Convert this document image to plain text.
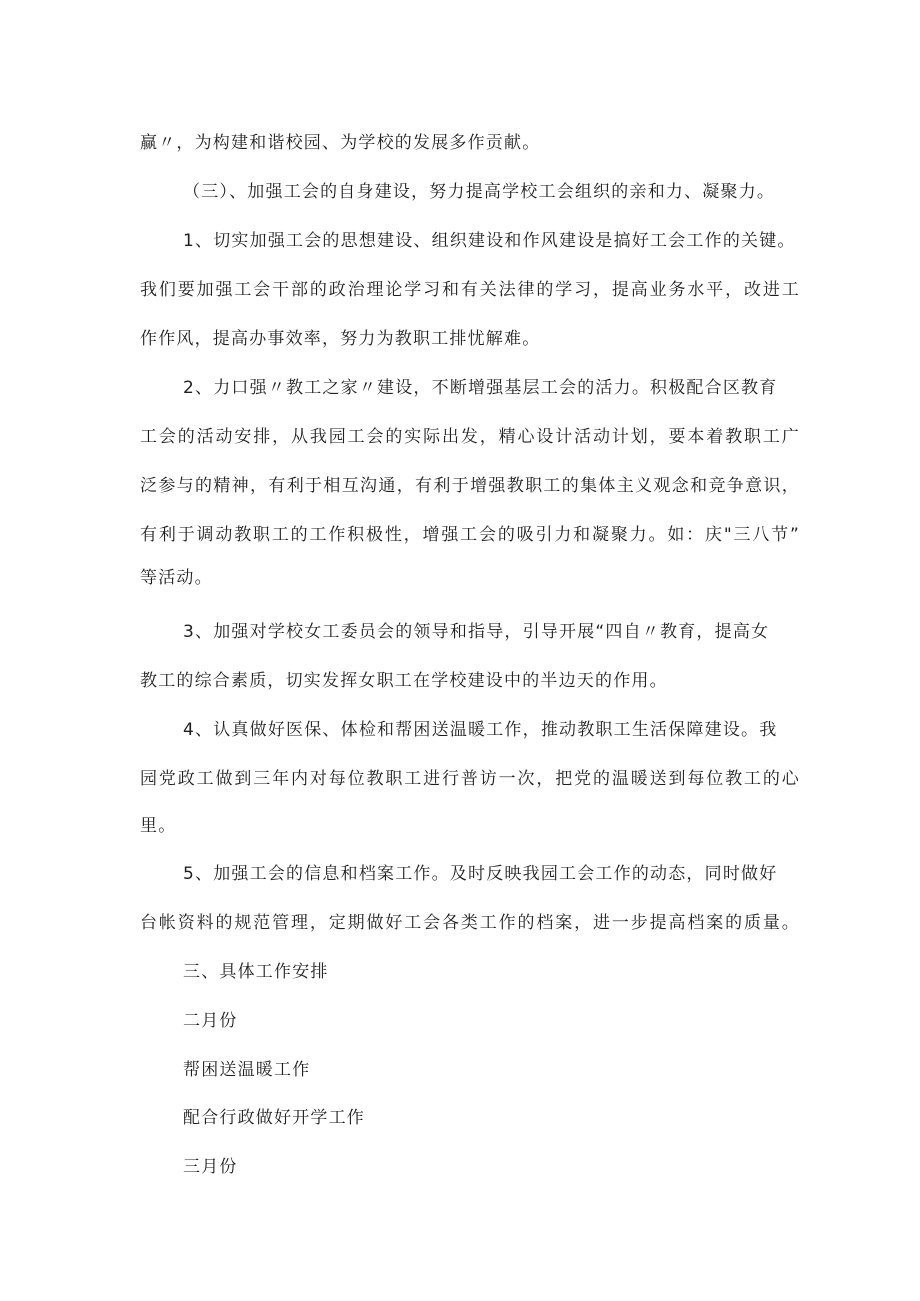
赢〃，为构建和谐校园、为学校的发展多作贡献。
（三）、加强工会的自身建设，努力提高学校工会组织的亲和力、凝聚力。
1、切实加强工会的思想建设、组织建设和作风建设是搞好工会工作的关键。
我们要加强工会干部的政治理论学习和有关法律的学习，提高业务水平，改进工
作作风，提高办事效率，努力为教职工排忧解难。
2、力口强〃教工之家〃建设，不断增强基层工会的活力。积极配合区教育
工会的活动安排，从我园工会的实际出发，精心设计活动计划，要本着教职工广
泛参与的精神，有利于相互沟通，有利于增强教职工的集体主义观念和竞争意识，
有利于调动教职工的工作积极性，增强工会的吸引力和凝聚力。如：庆"三八节”
等活动。
3、加强对学校女工委员会的领导和指导，引导开展“四自〃教育，提高女
教工的综合素质，切实发挥女职工在学校建设中的半边天的作用。
4、认真做好医保、体检和帮困送温暖工作，推动教职工生活保障建设。我
园党政工做到三年内对每位教职工进行普访一次，把党的温暖送到每位教工的心
里。
5、加强工会的信息和档案工作。及时反映我园工会工作的动态，同时做好
台帐资料的规范管理，定期做好工会各类工作的档案，进一步提高档案的质量。
三、具体工作安排
二月份
帮困送温暖工作
配合行政做好开学工作
三月份
